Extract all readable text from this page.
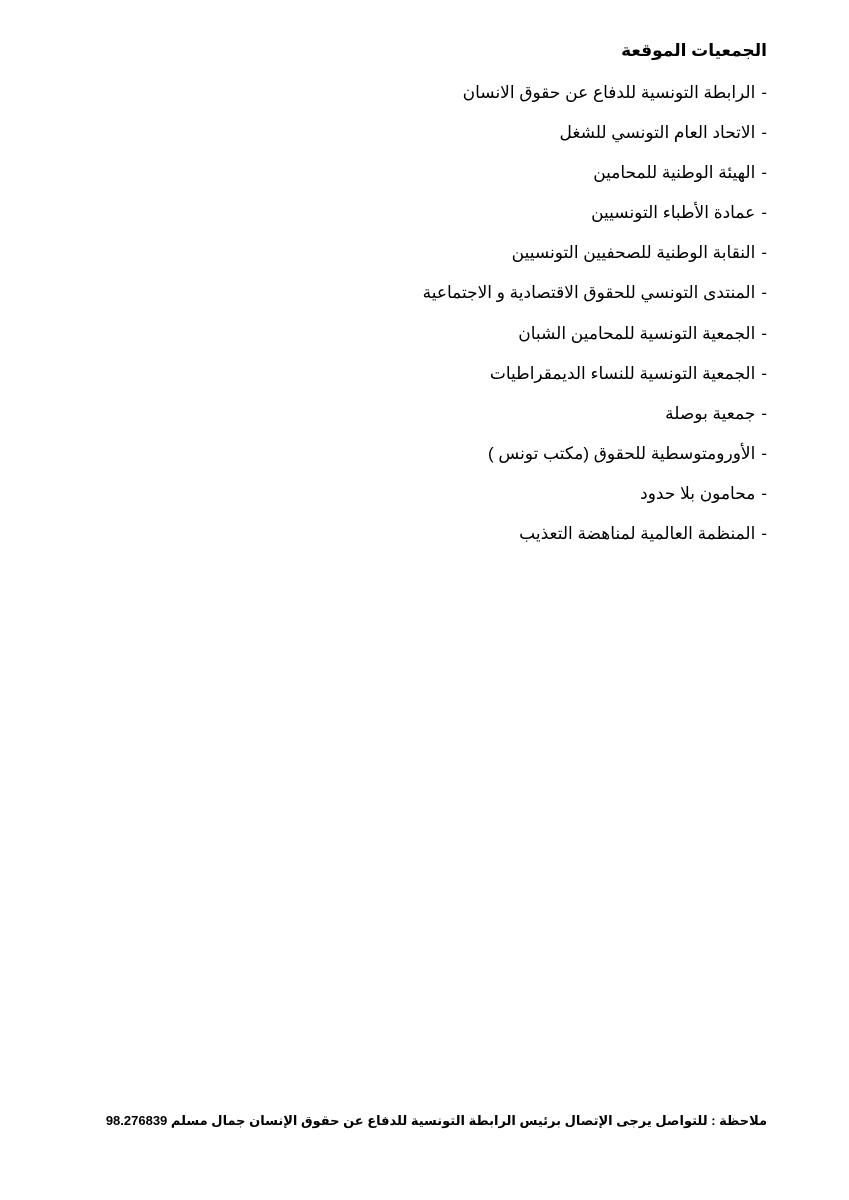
الجمعيات الموقعة
-الرابطة التونسية للدفاع عن حقوق الانسان
-الاتحاد العام التونسي للشغل
-الهيئة الوطنية للمحامين
-عمادة الأطباء التونسيين
-النقابة الوطنية للصحفيين التونسيين
-المنتدى التونسي للحقوق الاقتصادية و الاجتماعية
-الجمعية التونسية للمحامين الشبان
-الجمعية التونسية للنساء الديمقراطيات
-جمعية بوصلة
-الأورومتوسطية للحقوق (مكتب تونس )
-محامون بلا حدود
-المنظمة العالمية لمناهضة التعذيب
ملاحظة : للتواصل يرجى الإتصال برئيس الرابطة التونسية للدفاع عن حقوق الإنسان جمال مسلم 98.276839
